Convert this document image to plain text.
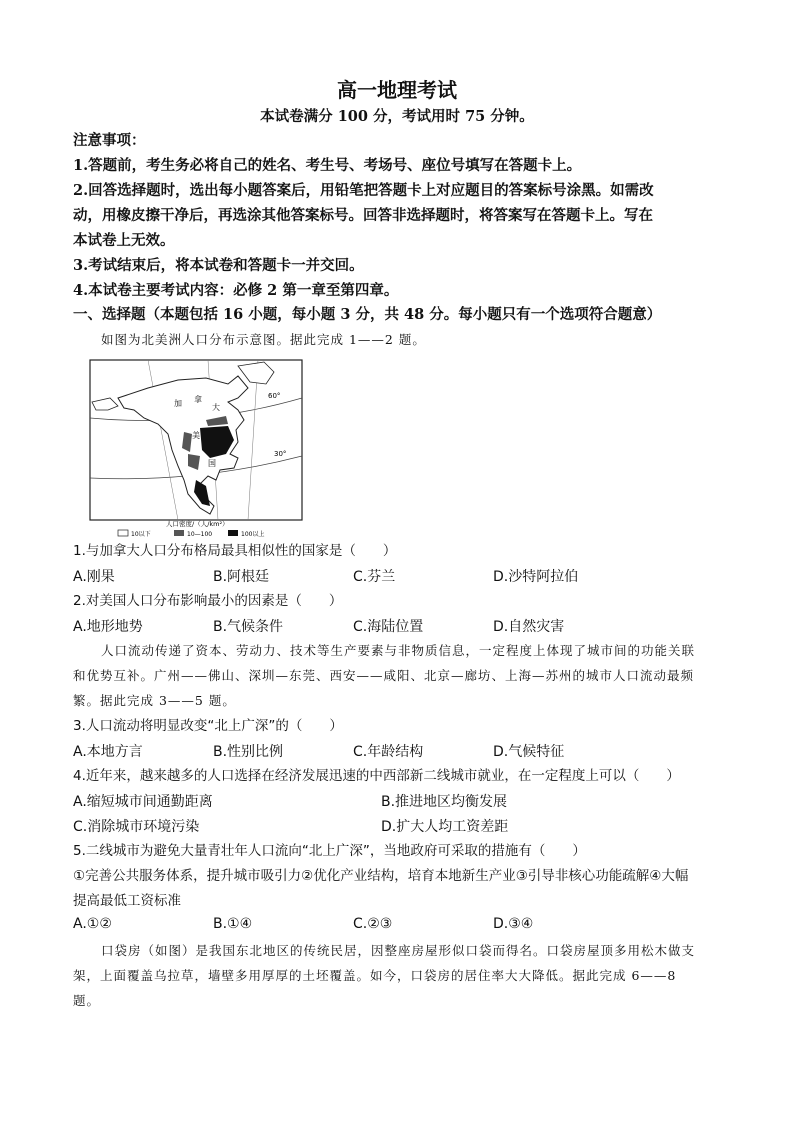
高一地理考试
本试卷满分 100 分，考试用时 75 分钟。
注意事项：
1.答题前，考生务必将自己的姓名、考生号、考场号、座位号填写在答题卡上。
2.回答选择题时，选出每小题答案后，用铅笔把答题卡上对应题目的答案标号涂黑。如需改
动，用橡皮擦干净后，再选涂其他答案标号。回答非选择题时，将答案写在答题卡上。写在
本试卷上无效。
3.考试结束后，将本试卷和答题卡一并交回。
4.本试卷主要考试内容：必修 2 第一章至第四章。
一、选择题（本题包括 16 小题，每小题 3 分，共 48 分。每小题只有一个选项符合题意）
如图为北美洲人口分布示意图。据此完成 1——2 题。
60°
30°
加 拿
大
美
国
人口密度/（人/km²）
10以下	10—100	100以上
1.与加拿大人口分布格局最具相似性的国家是（　　）
A.刚果	B.阿根廷	C.芬兰	D.沙特阿拉伯
2.对美国人口分布影响最小的因素是（　　）
A.地形地势	B.气候条件	C.海陆位置	D.自然灾害
人口流动传递了资本、劳动力、技术等生产要素与非物质信息，一定程度上体现了城市间的功能关联
和优势互补。广州——佛山、深圳—东莞、西安——咸阳、北京—廊坊、上海—苏州的城市人口流动最频
繁。据此完成 3——5 题。
3.人口流动将明显改变“北上广深”的（　　）
A.本地方言	B.性别比例	C.年龄结构	D.气候特征
4.近年来，越来越多的人口选择在经济发展迅速的中西部新二线城市就业，在一定程度上可以（　　）
A.缩短城市间通勤距离	B.推进地区均衡发展
C.消除城市环境污染	D.扩大人均工资差距
5.二线城市为避免大量青壮年人口流向“北上广深”，当地政府可采取的措施有（　　）
①完善公共服务体系，提升城市吸引力②优化产业结构，培育本地新生产业③引导非核心功能疏解④大幅
提高最低工资标准
A.①②	B.①④	C.②③	D.③④
口袋房（如图）是我国东北地区的传统民居，因整座房屋形似口袋而得名。口袋房屋顶多用松木做支
架，上面覆盖乌拉草，墙壁多用厚厚的土坯覆盖。如今，口袋房的居住率大大降低。据此完成 6——8
题。
